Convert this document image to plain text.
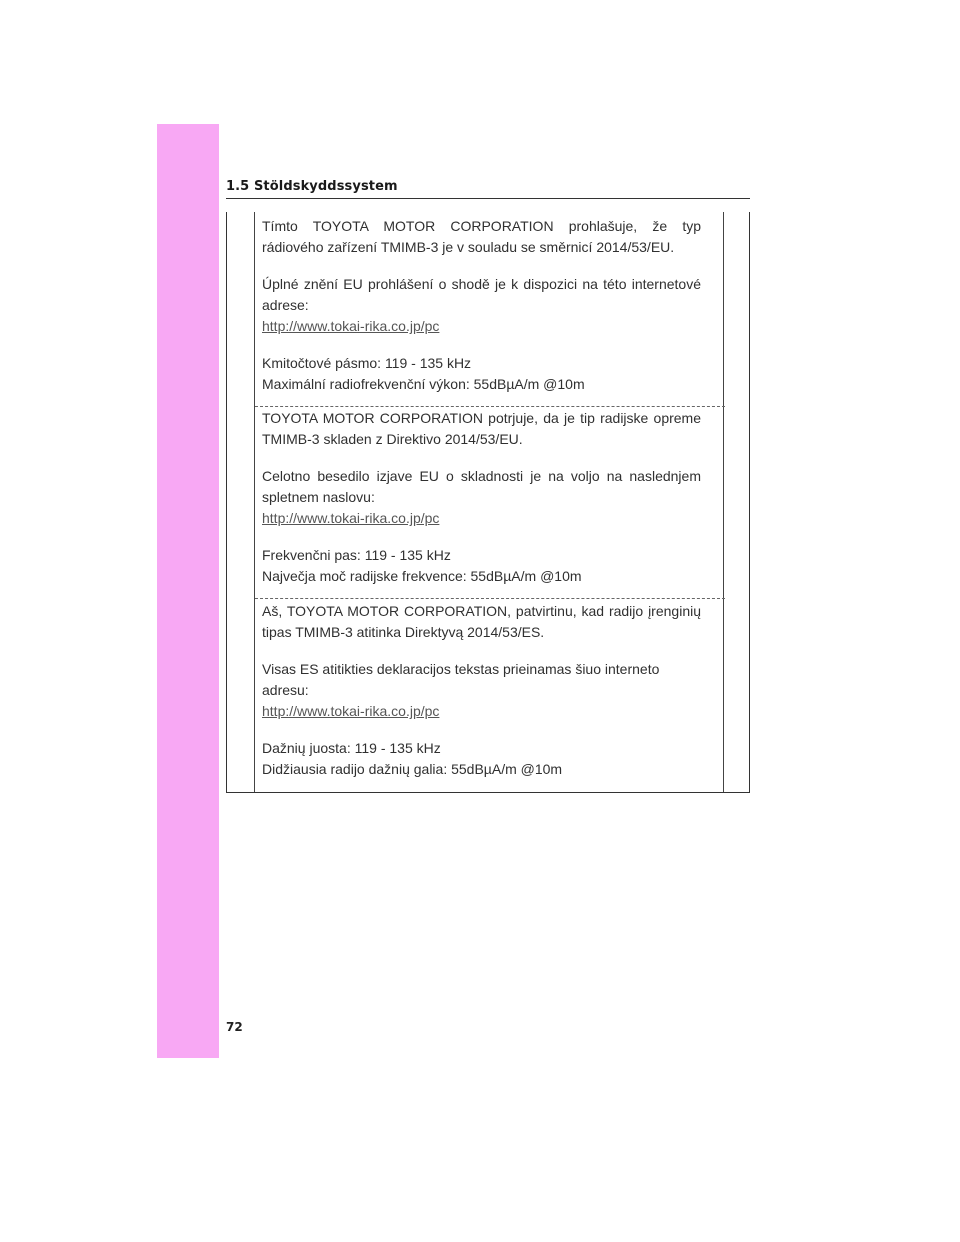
1.5 Stöldskyddssystem

Tímto TOYOTA MOTOR CORPORATION prohlašuje, že typ

rádiového zařízení TMIMB-3 je v souladu se směrnicí 2014/53/EU.

Úplné znění EU prohlášení o shodě je k dispozici na této internetové

adrese:

http://www.tokai-rika.co.jp/pc

Kmitočtové pásmo: 119 - 135 kHz

Maximální radiofrekvenční výkon: 55dBµA/m @10m

TOYOTA MOTOR CORPORATION potrjuje, da je tip radijske opreme

TMIMB-3 skladen z Direktivo 2014/53/EU.

Celotno besedilo izjave EU o skladnosti je na voljo na naslednjem

spletnem naslovu:

http://www.tokai-rika.co.jp/pc

Frekvenčni pas: 119 - 135 kHz

Največja moč radijske frekvence: 55dBµA/m @10m

Aš, TOYOTA MOTOR CORPORATION, patvirtinu, kad radijo įrenginių

tipas TMIMB-3 atitinka Direktyvą 2014/53/ES.

Visas ES atitikties deklaracijos tekstas prieinamas šiuo interneto

adresu:

http://www.tokai-rika.co.jp/pc

Dažnių juosta: 119 - 135 kHz

Didžiausia radijo dažnių galia: 55dBµA/m @10m

72
